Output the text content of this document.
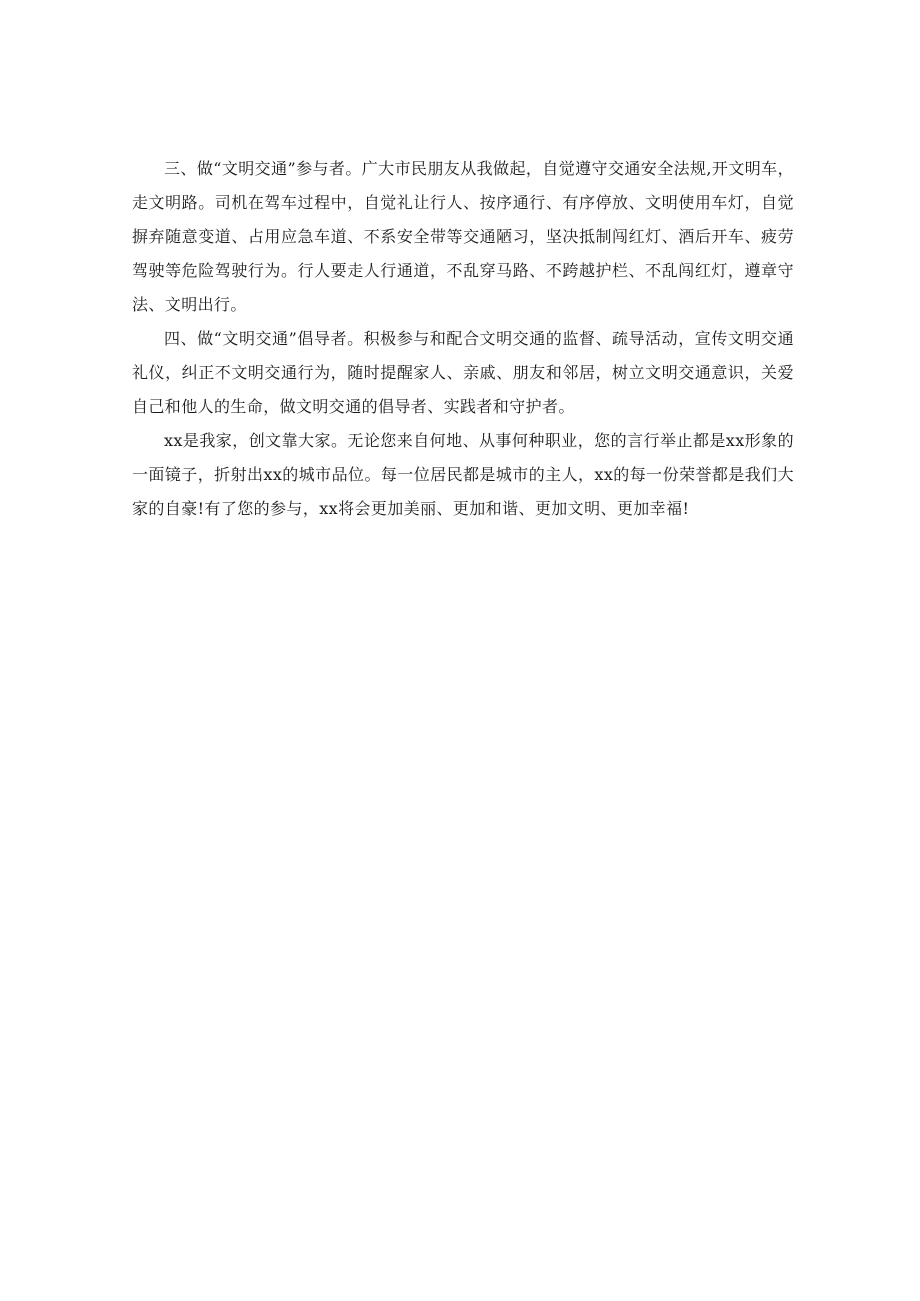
三、做“文明交通”参与者。广大市民朋友从我做起，自觉遵守交通安全法规,开文明车，走文明路。司机在驾车过程中，自觉礼让行人、按序通行、有序停放、文明使用车灯，自觉摒弃随意变道、占用应急车道、不系安全带等交通陋习，坚决抵制闯红灯、酒后开车、疲劳驾驶等危险驾驶行为。行人要走人行通道，不乱穿马路、不跨越护栏、不乱闯红灯，遵章守法、文明出行。

四、做“文明交通”倡导者。积极参与和配合文明交通的监督、疏导活动，宣传文明交通礼仪，纠正不文明交通行为，随时提醒家人、亲戚、朋友和邻居，树立文明交通意识，关爱自己和他人的生命，做文明交通的倡导者、实践者和守护者。

xx是我家，创文靠大家。无论您来自何地、从事何种职业，您的言行举止都是xx形象的一面镜子，折射出xx的城市品位。每一位居民都是城市的主人，xx的每一份荣誉都是我们大家的自豪!有了您的参与，xx将会更加美丽、更加和谐、更加文明、更加幸福!
